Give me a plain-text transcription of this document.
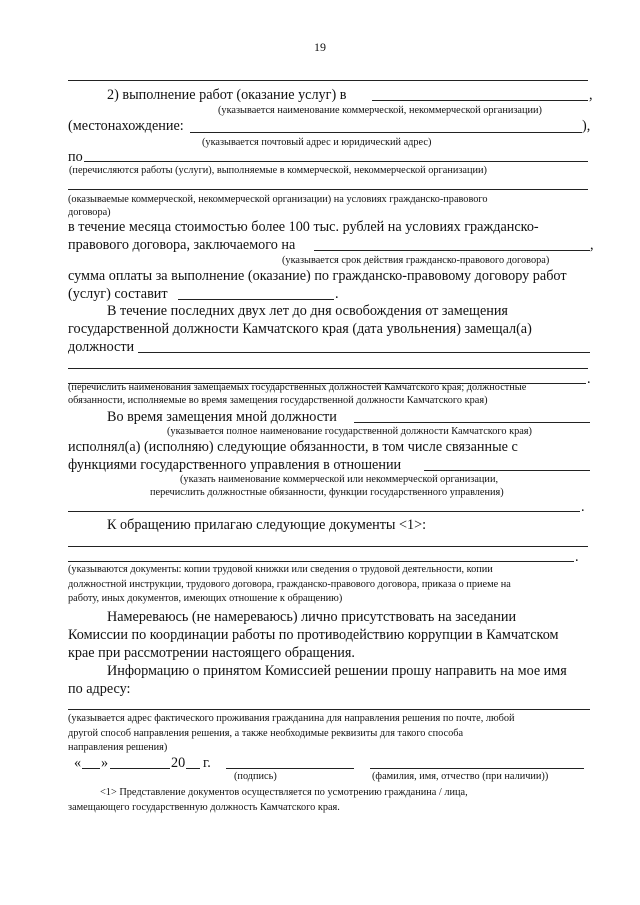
19
2) выполнение работ (оказание услуг) в	,
(указывается наименование коммерческой, некоммерческой организации)
(местонахождение:	),
(указывается почтовый адрес и юридический адрес)
по
(перечисляются работы (услуги), выполняемые в коммерческой, некоммерческой организации)
(оказываемые коммерческой, некоммерческой организации) на условиях гражданско-правового
договора)
в течение месяца стоимостью более 100 тыс. рублей на условиях гражданско-
правового договора, заключаемого на	,
(указывается срок действия гражданско-правового договора)
сумма оплаты за выполнение (оказание) по гражданско-правовому договору работ
(услуг) составит	.
В течение последних двух лет до дня освобождения от замещения
государственной должности Камчатского края (дата увольнения) замещал(а)
должности
.
(перечислить наименования замещаемых государственных должностей Камчатского края; должностные
обязанности, исполняемые во время замещения государственной должности Камчатского края)
Во время замещения мной должности
(указывается полное наименование государственной должности Камчатского края)
исполнял(а) (исполняю) следующие обязанности, в том числе связанные с
функциями государственного управления в отношении
(указать наименование коммерческой или некоммерческой организации,
перечислить должностные обязанности, функции государственного управления)
.
К обращению прилагаю следующие документы <1>:
.
(указываются документы: копии трудовой книжки или сведения о трудовой деятельности, копии
должностной инструкции, трудового договора, гражданско-правового договора, приказа о приеме на
работу, иных документов, имеющих отношение к обращению)
Намереваюсь (не намереваюсь) лично присутствовать на заседании
Комиссии по координации работы по противодействию коррупции в Камчатском
крае при рассмотрении настоящего обращения.
Информацию о принятом Комиссией решении прошу направить на мое имя
по адресу:
(указывается адрес фактического проживания гражданина для направления решения по почте, любой
другой способ направления решения, а также необходимые реквизиты для такого способа
направления решения)
« »	20 г.
(подпись)	(фамилия, имя, отчество (при наличии))
<1> Представление документов осуществляется по усмотрению гражданина / лица,
замещающего государственную должность Камчатского края.
